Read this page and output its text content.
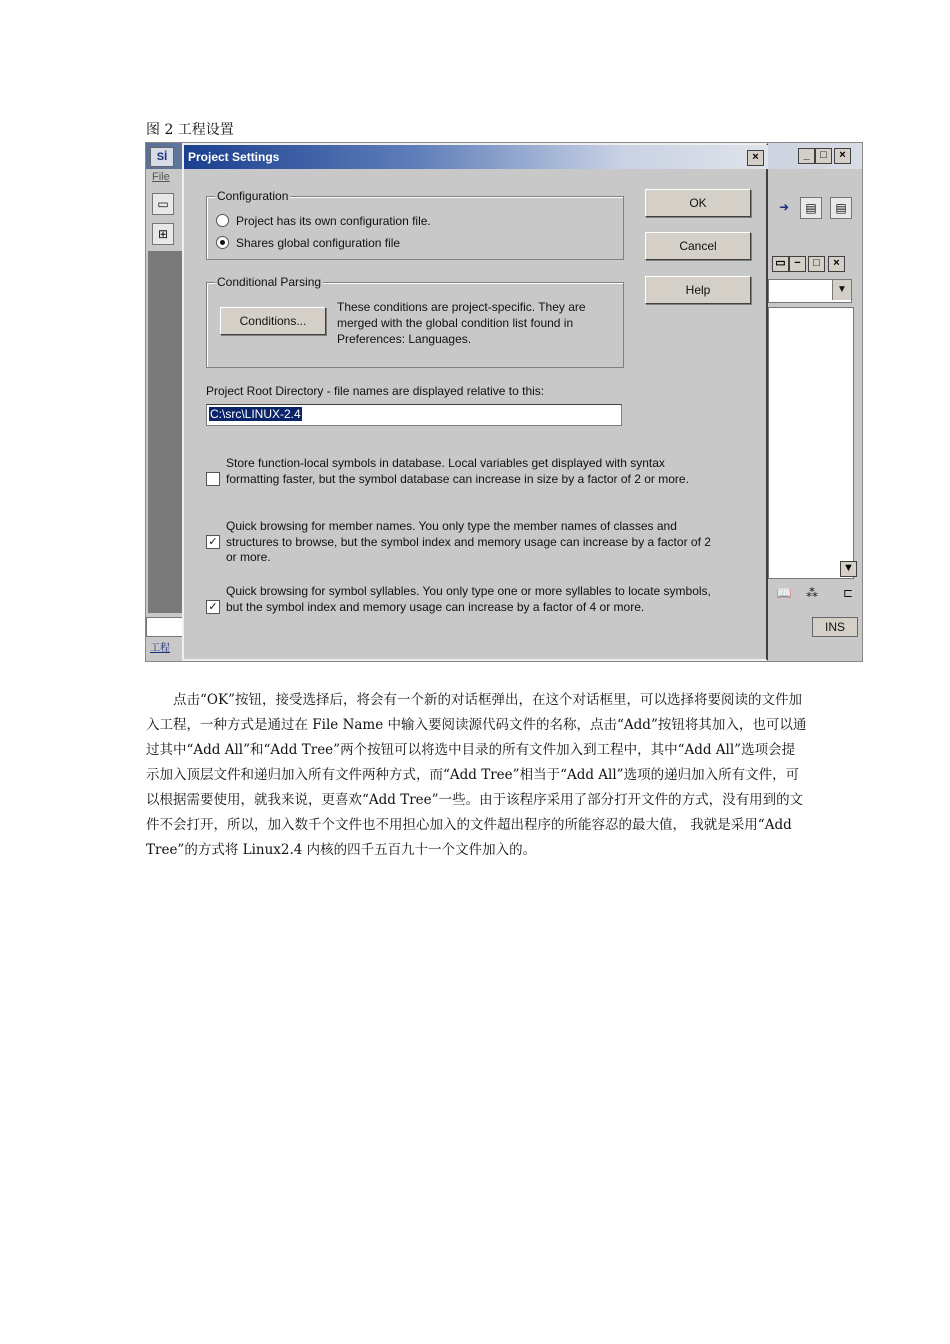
图 2 工程设置
Sİ	_ □	×
File
▭
⊞
➜	▤	▤
▭ −	□	×
▼
▼
📖	⁂	⊏
INS
工程
Project Settings	×
Configuration
Project has its own configuration file.
Shares global configuration file
Conditional Parsing
Conditions...
These conditions are project-specific. They are merged with the global condition list found in Preferences: Languages.
Project Root Directory - file names are displayed relative to this:
C:\src\LINUX-2.4
Store function-local symbols in database. Local variables get displayed with syntax formatting faster, but the symbol database can increase in size by a factor of 2 or more.
✓
Quick browsing for member names. You only type the member names of classes and structures to browse, but the symbol index and memory usage can increase by a factor of 2 or more.
✓
Quick browsing for symbol syllables. You only type one or more syllables to locate symbols, but the symbol index and memory usage can increase by a factor of 4 or more.
OK
Cancel
Help
点击“OK”按钮，接受选择后，将会有一个新的对话框弹出，在这个对话框里，可以选择将要阅读的文件加入工程，一种方式是通过在 File Name 中输入要阅读源代码文件的名称，点击“Add”按钮将其加入，也可以通过其中“Add All”和“Add Tree”两个按钮可以将选中目录的所有文件加入到工程中，其中“Add All”选项会提示加入顶层文件和递归加入所有文件两种方式，而“Add Tree”相当于“Add All”选项的递归加入所有文件，可以根据需要使用，就我来说，更喜欢“Add Tree”一些。由于该程序采用了部分打开文件的方式，没有用到的文件不会打开，所以，加入数千个文件也不用担心加入的文件超出程序的所能容忍的最大值， 我就是采用“Add Tree”的方式将 Linux2.4 内核的四千五百九十一个文件加入的。
